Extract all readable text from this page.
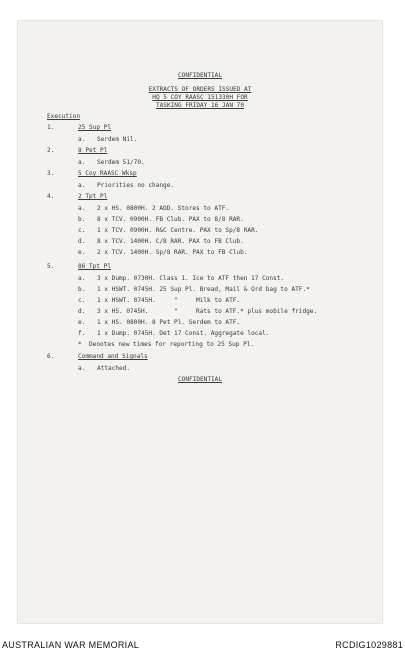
CONFIDENTIAL
EXTRACTS OF ORDERS ISSUED AT
HQ 5 COY RAASC 151330H FOR
TASKING FRIDAY 16 JAN 70
Execution
1.	25 Sup Pl
a. Serdem Nil.
2.	8 Pet Pl
a. Serdem 51/70.
3.	5 Coy RAASC Wksp
a. Priorities no change.
4.	2 Tpt Pl
a. 2 x HS. 0800H. 2 AOD. Stores to ATF.
b. 8 x TCV. 0900H. FB Club. PAX to 8/8 RAR.
c. 1 x TCV. 0900H. R&C Centre. PAX to Sp/8 RAR.
d. 8 x TCV. 1400H. C/8 RAR. PAX to FB Club.
e. 2 x TCV. 1400H. Sp/8 RAR. PAX to FB Club.
5.	86 Tpt Pl
a. 3 x Dump. 0730H. Class 1. Ice to ATF then 17 Const.
b. 1 x HSWT. 0745H. 25 Sup Pl. Bread, Mail & Ord bag to ATF.*
c. 1 x HSWT. 0745H.     "     Milk to ATF.
d. 3 x HS. 0745H.       "     Rats to ATF.* plus mobile fridge.
e. 1 x HS. 0800H. 8 Pet Pl. Serdem to ATF.
f. 1 x Dump. 0745H. Det 17 Const. Aggregate local.
*  Denotes new times for reporting to 25 Sup Pl.
6.	Command and Signals
a. Attached.
CONFIDENTIAL
AUSTRALIAN WAR MEMORIAL	RCDIG1029881
